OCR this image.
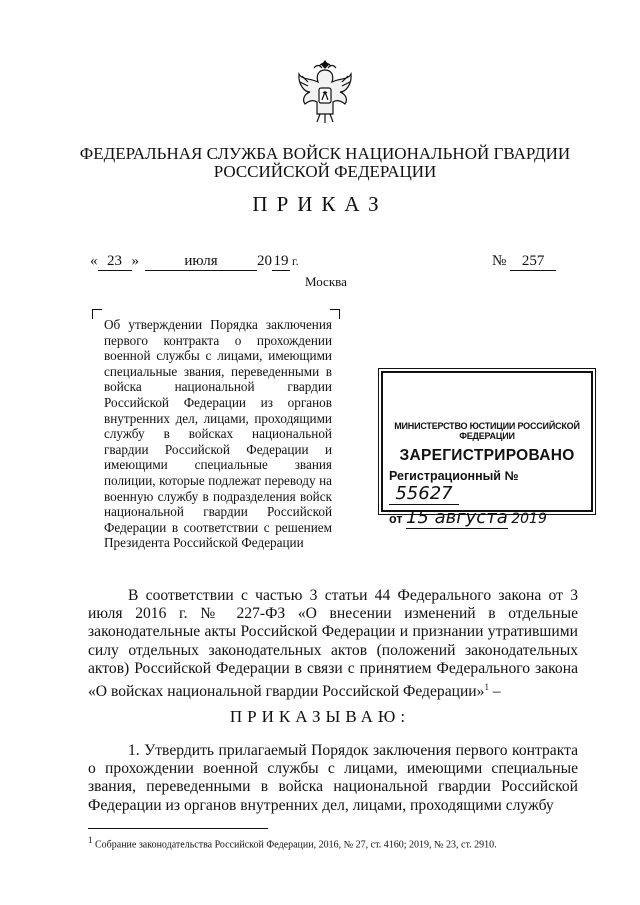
ФЕДЕРАЛЬНАЯ СЛУЖБА ВОЙСК НАЦИОНАЛЬНОЙ ГВАРДИИ
РОССИЙСКОЙ ФЕДЕРАЦИИ
ПРИКАЗ
« 23 »	июля	20 19 г.	№ 257
Москва
Об утверждении Порядка заключения первого контракта о прохождении военной службы с лицами, имеющими специальные звания, переведенными в войска национальной гвардии Российской Федерации из органов внутренних дел, лицами, проходящими службу в войсках национальной гвардии Российской Федерации и имеющими специальные звания полиции, которые подлежат переводу на военную службу в подразделения войск национальной гвардии Российской Федерации в соответствии с решением Президента Российской Федерации
МИНИСТЕРСТВО ЮСТИЦИИ РОССИЙСКОЙ ФЕДЕРАЦИИ
ЗАРЕГИСТРИРОВАНО
Регистрационный № 55627
от 15 августа 2019
В соответствии с частью 3 статьи 44 Федерального закона от 3 июля 2016 г. № 227-ФЗ «О внесении изменений в отдельные законодательные акты Российской Федерации и признании утратившими силу отдельных законодательных актов (положений законодательных актов) Российской Федерации в связи с принятием Федерального закона «О войсках национальной гвардии Российской Федерации»$^1$ –
ПРИКАЗЫВАЮ:
1. Утвердить прилагаемый Порядок заключения первого контракта о прохождении военной службы с лицами, имеющими специальные звания, переведенными в войска национальной гвардии Российской Федерации из органов внутренних дел, лицами, проходящими службу
$^1$ Собрание законодательства Российской Федерации, 2016, № 27, ст. 4160; 2019, № 23, ст. 2910.
